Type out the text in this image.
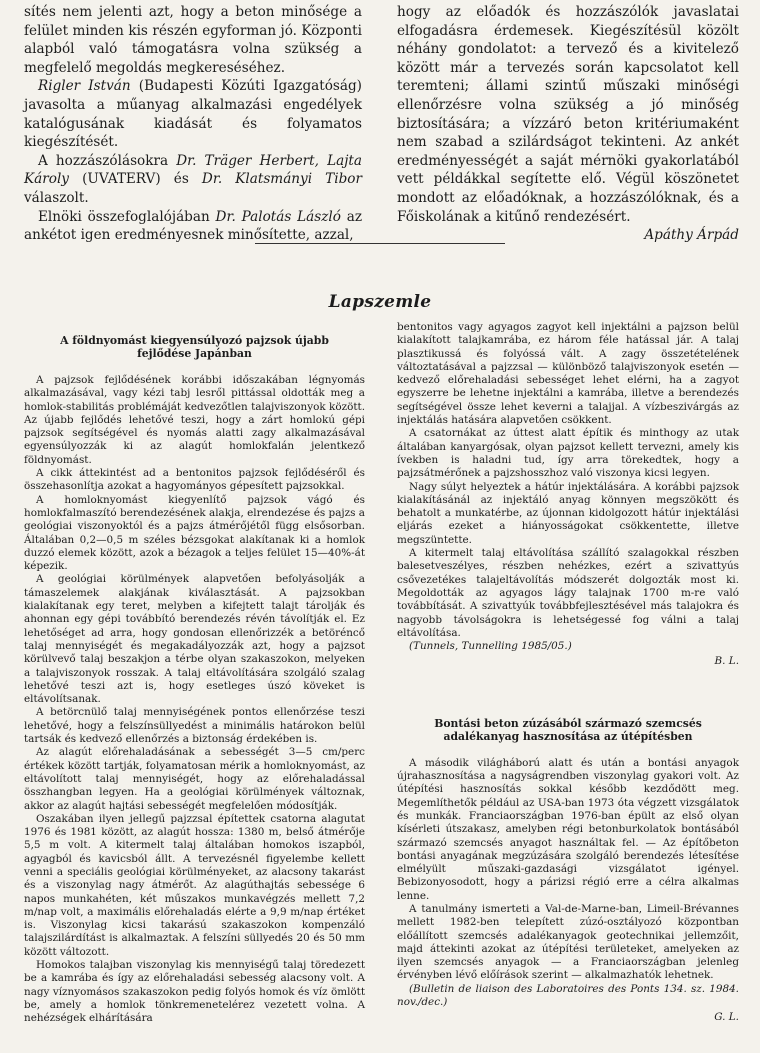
sítés nem jelenti azt, hogy a beton minősége a felület minden kis részén egyforman jó. Központi alapból való támogatásra volna szükség a megfelelő megoldás megkereséséhez.

Rigler István (Budapesti Közúti Igazgatóság) javasolta a műanyag alkalmazási engedélyek katalógusának kiadását és folyamatos kiegészítését.

A hozzászólásokra Dr. Träger Herbert, Lajta Károly (UVATERV) és Dr. Klatsmányi Tibor válaszolt.

Elnöki összefoglalójában Dr. Palotás László az ankétot igen eredményesnek minősítette, azzal,

hogy az előadók és hozzászólók javaslatai elfogadásra érdemesek. Kiegészítésül közölt néhány gondolatot: a tervező és a kivitelező között már a tervezés során kapcsolatot kell teremteni; állami szintű műszaki minőségi ellenőrzésre volna szükség a jó minőség biztosítására; a vízzáró beton kritériumaként nem szabad a szilárdságot tekinteni. Az ankét eredményességét a saját mérnöki gyakorlatából vett példákkal segítette elő. Végül köszönetet mondott az előadóknak, a hozzászólóknak, és a Főiskolának a kitűnő rendezésért.

Apáthy Árpád
Lapszemle
A földnyomást kiegyensúlyozó pajzsok újabb fejlődése Japánban

A pajzsok fejlődésének korábbi időszakában légnyomás alkalmazásával, vagy kézi tabj lesről pittással oldották meg a homlok-stabilitás problémáját kedvezőtlen talajviszonyok között. Az újabb fejlődés lehetővé teszi, hogy a zárt homlokú gépi pajzsok segítségével és nyomás alatti zagy alkalmazásával egyensúlyozzák ki az alagút homlokfalán jelentkező földnyomást.

A cikk áttekintést ad a bentonitos pajzsok fejlődéséről és összehasonlítja azokat a hagyományos gépesített pajzsokkal.

A homloknyomást kiegyenlítő pajzsok vágó és homlokfalmaszító berendezésének alakja, elrendezése és pajzs a geológiai viszonyoktól és a pajzs átmérőjétől függ elsősorban. Általában 0,2—0,5 m széles bézsgokat alakítanak ki a homlok duzzó elemek között, azok a bézagok a teljes felület 15—40%-át képezik.

A geológiai körülmények alapvetően befolyásolják a támaszelemek alakjának kiválasztását. A pajzsokban kialakítanak egy teret, melyben a kifejtett talajt tárolják és ahonnan egy gépi továbbító berendezés révén távolítják el. Ez lehetőséget ad arra, hogy gondosan ellenőrizzék a betöréncő talaj mennyiségét és megakadályozzák azt, hogy a pajzsot körülvevő talaj beszakjon a térbe olyan szakaszokon, melyeken a talajviszonyok rosszak. A talaj eltávolítására szolgáló szalag lehetővé teszi azt is, hogy esetleges úszó köveket is eltávolítsanak.

A betörcnülő talaj mennyiségének pontos ellenőrzése teszi lehetővé, hogy a felszínsüllyedést a minimális határokon belül tartsák és kedvező ellenőrzés a biztonság érdekében is.

Az alagút előrehaladásának a sebességét 3—5 cm/perc értékek között tartják, folyamatosan mérik a homloknyomást, az eltávolított talaj mennyiségét, hogy az előrehaladással összhangban legyen. Ha a geológiai körülmények változnak, akkor az alagút hajtási sebességét megfelelően módosítják.

Oszakában ilyen jellegű pajzzsal építettek csatorna alagutat 1976 és 1981 között, az alagút hossza: 1380 m, belső átmérője 5,5 m volt. A kitermelt talaj általában homokos iszapból, agyagból és kavicsból állt. A tervezésnél figyelembe kellett venni a speciális geológiai körülményeket, az alacsony takarást és a viszonylag nagy átmérőt. Az alagúthajtás sebessége 6 napos munkahéten, két műszakos munkavégzés mellett 7,2 m/nap volt, a maximális előrehaladás elérte a 9,9 m/nap értéket is. Viszonylag kicsi takarású szakaszokon kompenzáló talajszilárdítást is alkalmaztak. A felszíni süllyedés 20 és 50 mm között változott.

Homokos talajban viszonylag kis mennyiségű talaj töredezett be a kamrába és így az előrehaladási sebesség alacsony volt. A nagy víznyomásos szakaszokon pedig folyós homok és víz ömlött be, amely a homlok tönkremenetelérez vezetett volna. A nehézségek elhárítására

bentonitos vagy agyagos zagyot kell injektálni a pajzson belül kialakított talajkamrába, ez három féle hatással jár. A talaj plasztikussá és folyóssá vált. A zagy összetételének változtatásával a pajzzsal — különböző talajviszonyok esetén — kedvező előrehaladási sebességet lehet elérni, ha a zagyot egyszerre be lehetne injektálni a kamrába, illetve a berendezés segítségével össze lehet keverni a talajjal. A vízbeszivárgás az injektálás hatására alapvetően csökkent.

A csatornákat az úttest alatt építik és minthogy az utak általában kanyargósak, olyan pajzsot kellett tervezni, amely kis ívekben is haladni tud, így arra törekedtek, hogy a pajzsátmérőnek a pajzshosszhoz való viszonya kicsi legyen.

Nagy súlyt helyeztek a hátúr injektálására. A korábbi pajzsok kialakításánál az injektáló anyag könnyen megszökött és behatolt a munkatérbe, az újonnan kidolgozott hátúr injektálási eljárás ezeket a hiányosságokat csökkentette, illetve megszüntette.

A kitermelt talaj eltávolítása szállító szalagokkal részben balesetveszélyes, részben nehézkes, ezért a szivattyús csővezetékes talajeltávolítás módszerét dolgozták most ki. Megoldották az agyagos lágy talajnak 1700 m-re való továbbítását. A szivattyúk továbbfejlesztésével más talajokra és nagyobb távolságokra is lehetségessé fog válni a talaj eltávolítása.

(Tunnels, Tunnelling 1985/05.)

B. L.
Bontási beton zúzásából származó szemcsés adalékanyag hasznosítása az útépítésben

A második világháború alatt és után a bontási anyagok újrahasznosítása a nagyságrendben viszonylag gyakori volt. Az útépítési hasznosítás sokkal később kezdődött meg. Megemlíthetők például az USA-ban 1973 óta végzett vizsgálatok és munkák. Franciaországban 1976-ban épült az első olyan kísérleti útszakasz, amelyben régi betonburkolatok bontásából származó szemcsés anyagot használtak fel. — Az építőbeton bontási anyagának megzúzására szolgáló berendezés létesítése elmélyült műszaki-gazdasági vizsgálatot igényel. Bebizonyosodott, hogy a párizsi régió erre a célra alkalmas lenne.

A tanulmány ismerteti a Val-de-Marne-ban, Limeil-Brévannes mellett 1982-ben telepített zúzó-osztályozó központban előállított szemcsés adalékanyagok geotechnikai jellemzőit, majd áttekinti azokat az útépítési területeket, amelyeken az ilyen szemcsés anyagok — a Franciaországban jelenleg érvényben lévő előírások szerint — alkalmazhatók lehetnek.

(Bulletin de liaison des Laboratoires des Ponts 134. sz. 1984. nov./dec.)

G. L.
